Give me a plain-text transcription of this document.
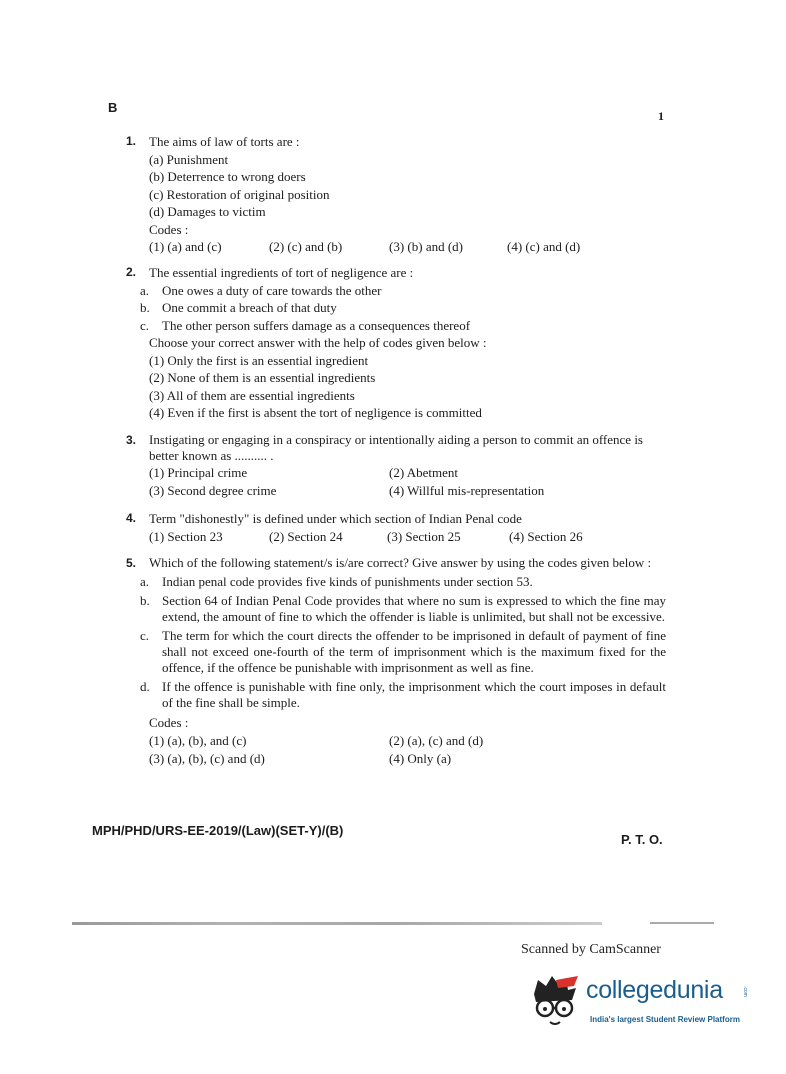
B
1
1. The aims of law of torts are :
(a) Punishment
(b) Deterrence to wrong doers
(c) Restoration of original position
(d) Damages to victim
Codes :
(1) (a) and (c)	(2) (c) and (b)	(3) (b) and (d)	(4) (c) and (d)
2. The essential ingredients of tort of negligence are :
a. One owes a duty of care towards the other
b. One commit a breach of that duty
c. The other person suffers damage as a consequences thereof
Choose your correct answer with the help of codes given below :
(1) Only the first is an essential ingredient
(2) None of them is an essential ingredients
(3) All of them are essential ingredients
(4) Even if the first is absent the tort of negligence is committed
3. Instigating or engaging in a conspiracy or intentionally aiding a person to commit an offence is better known as .......... .
(1) Principal crime	(2) Abetment
(3) Second degree crime	(4) Willful mis-representation
4. Term "dishonestly" is defined under which section of Indian Penal code
(1) Section 23	(2) Section 24	(3) Section 25	(4) Section 26
5. Which of the following statement/s is/are correct? Give answer by using the codes given below :
a. Indian penal code provides five kinds of punishments under section 53.
b. Section 64 of Indian Penal Code provides that where no sum is expressed to which the fine may extend, the amount of fine to which the offender is liable is unlimited, but shall not be excessive.
c. The term for which the court directs the offender to be imprisoned in default of payment of fine shall not exceed one-fourth of the term of imprisonment which is the maximum fixed for the offence, if the offence be punishable with imprisonment as well as fine.
d. If the offence is punishable with fine only, the imprisonment which the court imposes in default of the fine shall be simple.
Codes :
(1) (a), (b), and (c)	(2) (a), (c) and (d)
(3) (a), (b), (c) and (d)	(4) Only (a)
MPH/PHD/URS-EE-2019/(Law)(SET-Y)/(B)
P. T. O.
Scanned by CamScanner
collegedunia	.com
India's largest Student Review Platform
